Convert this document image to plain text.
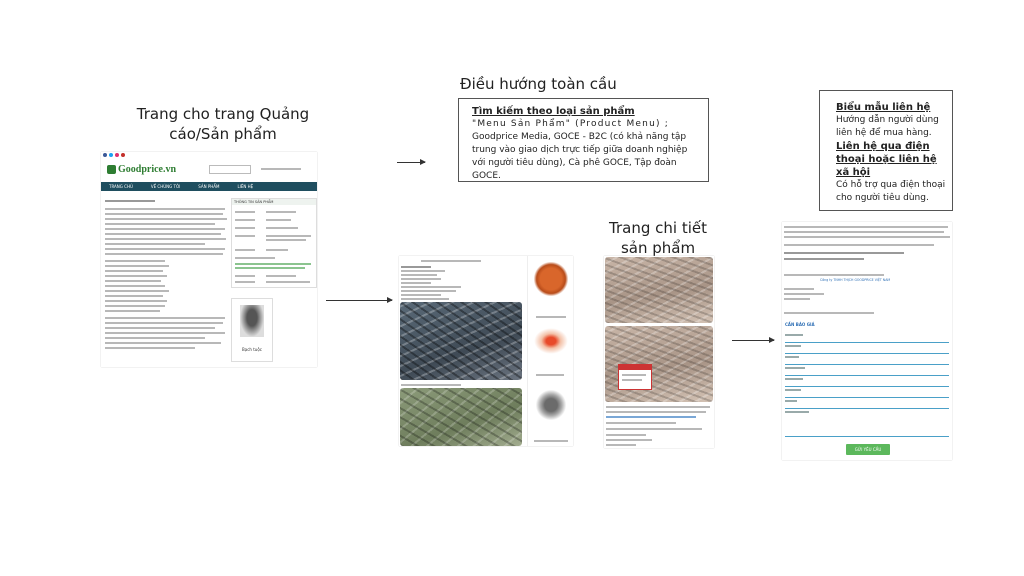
Trang cho trang Quảng cáo/Sản phẩm
Điều hướng toàn cầu
Trang chi tiết sản phẩm
Tìm kiếm theo loại sản phẩm
"Menu Sản Phẩm" (Product Menu) ;
Goodprice Media, GOCE - B2C (có khả năng tập trung vào giao dịch trực tiếp giữa doanh nghiệp với người tiêu dùng), Cà phê GOCE, Tập đoàn GOCE.
Biểu mẫu liên hệ
Hướng dẫn người dùng liên hệ để mua hàng.
Liên hệ qua điện thoại hoặc liên hệ xã hội
Có hỗ trợ qua điện thoại cho người tiêu dùng.
Goodprice.vn
TRANG CHỦ	VỀ CHÚNG TÔI	SẢN PHẨM	LIÊN HỆ
THÔNG TIN SẢN PHẨM
Bạch tuộc
Công ty TNHH THỊCH GOODPRICE VIỆT NAM
CẦN BÁO GIÁ
GỬI YÊU CẦU
